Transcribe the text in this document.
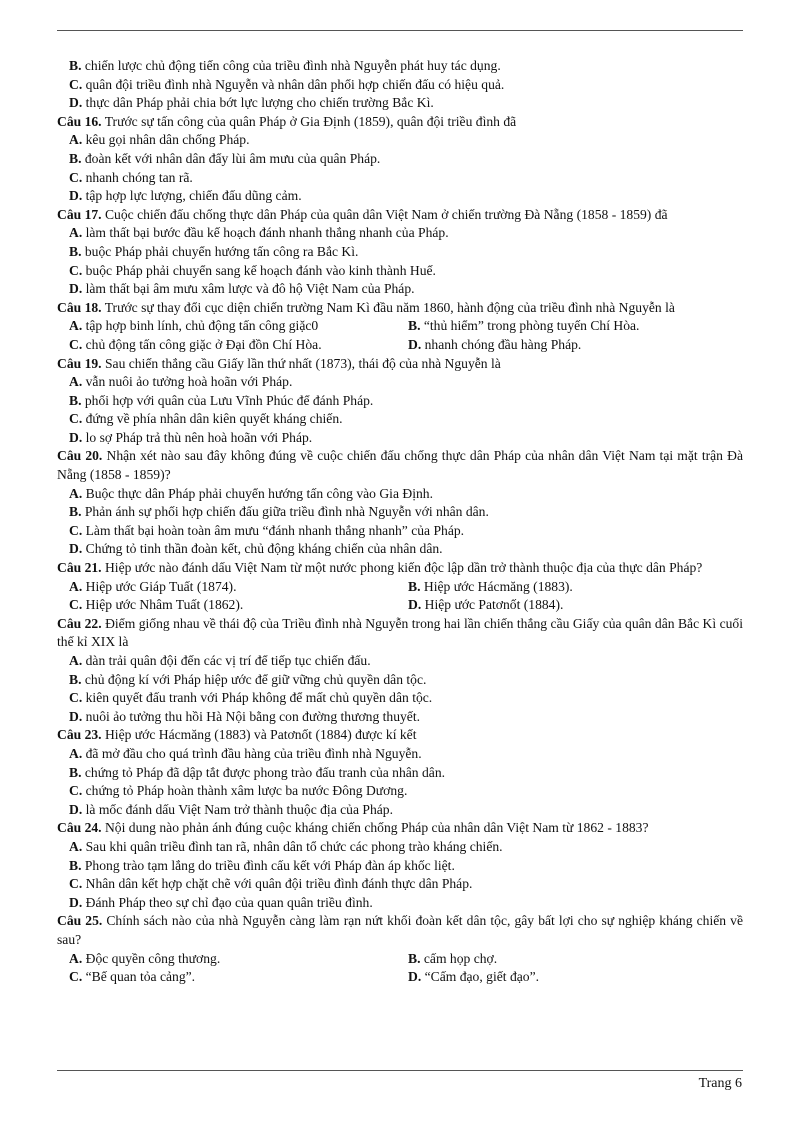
B. chiến lược chủ động tiến công của triều đình nhà Nguyễn phát huy tác dụng.
C. quân đội triều đình nhà Nguyễn và nhân dân phối hợp chiến đấu có hiệu quả.
D. thực dân Pháp phải chia bớt lực lượng cho chiến trường Bắc Kì.
Câu 16. Trước sự tấn công của quân Pháp ở Gia Định (1859), quân đội triều đình đã
A. kêu gọi nhân dân chống Pháp.
B. đoàn kết với nhân dân đẩy lùi âm mưu của quân Pháp.
C. nhanh chóng tan rã.
D. tập hợp lực lượng, chiến đấu dũng cảm.
Câu 17. Cuộc chiến đấu chống thực dân Pháp của quân dân Việt Nam ở chiến trường Đà Nẵng (1858 - 1859) đã
A. làm thất bại bước đầu kế hoạch đánh nhanh thắng nhanh của Pháp.
B. buộc Pháp phải chuyển hướng tấn công ra Bắc Kì.
C. buộc Pháp phải chuyển sang kế hoạch đánh vào kinh thành Huế.
D. làm thất bại âm mưu xâm lược và đô hộ Việt Nam của Pháp.
Câu 18. Trước sự thay đổi cục diện chiến trường Nam Kì đầu năm 1860, hành động của triều đình nhà Nguyễn là
A. tập hợp binh lính, chủ động tấn công giặc0	B. “thủ hiểm” trong phòng tuyến Chí Hòa.
C. chủ động tấn công giặc ở Đại đồn Chí Hòa.	D. nhanh chóng đầu hàng Pháp.
Câu 19. Sau chiến thắng cầu Giấy lần thứ nhất (1873), thái độ của nhà Nguyễn là
A. vẫn nuôi ảo tưởng hoà hoãn với Pháp.
B. phối hợp với quân của Lưu Vĩnh Phúc để đánh Pháp.
C. đứng về phía nhân dân kiên quyết kháng chiến.
D. lo sợ Pháp trả thù nên hoà hoãn với Pháp.
Câu 20. Nhận xét nào sau đây không đúng về cuộc chiến đấu chống thực dân Pháp của nhân dân Việt Nam tại mặt trận Đà Nẵng (1858 - 1859)?
A. Buộc thực dân Pháp phải chuyển hướng tấn công vào Gia Định.
B. Phản ánh sự phối hợp chiến đấu giữa triều đình nhà Nguyễn với nhân dân.
C. Làm thất bại hoàn toàn âm mưu “đánh nhanh thắng nhanh” của Pháp.
D. Chứng tỏ tinh thần đoàn kết, chủ động kháng chiến của nhân dân.
Câu 21. Hiệp ước nào đánh dấu Việt Nam từ một nước phong kiến độc lập dần trở thành thuộc địa của thực dân Pháp?
A. Hiệp ước Giáp Tuất (1874).	B. Hiệp ước Hácmăng (1883).
C. Hiệp ước Nhâm Tuất (1862).	D. Hiệp ước Patơnốt (1884).
Câu 22. Điểm giống nhau về thái độ của Triều đình nhà Nguyễn trong hai lần chiến thắng cầu Giấy của quân dân Bắc Kì cuối thế kỉ XIX là
A. dàn trải quân đội đến các vị trí để tiếp tục chiến đấu.
B. chủ động kí với Pháp hiệp ước để giữ vững chủ quyền dân tộc.
C. kiên quyết đấu tranh với Pháp không để mất chủ quyền dân tộc.
D. nuôi ảo tưởng thu hồi Hà Nội bằng con đường thương thuyết.
Câu 23. Hiệp ước Hácmăng (1883) và Patơnốt (1884) được kí kết
A. đã mở đầu cho quá trình đầu hàng của triều đình nhà Nguyễn.
B. chứng tỏ Pháp đã dập tắt được phong trào đấu tranh của nhân dân.
C. chứng tỏ Pháp hoàn thành xâm lược ba nước Đông Dương.
D. là mốc đánh dấu Việt Nam trở thành thuộc địa của Pháp.
Câu 24. Nội dung nào phản ánh đúng cuộc kháng chiến chống Pháp của nhân dân Việt Nam từ 1862 - 1883?
A. Sau khi quân triều đình tan rã, nhân dân tổ chức các phong trào kháng chiến.
B. Phong trào tạm lắng do triều đình cấu kết với Pháp đàn áp khốc liệt.
C. Nhân dân kết hợp chặt chẽ với quân đội triều đình đánh thực dân Pháp.
D. Đánh Pháp theo sự chỉ đạo của quan quân triều đình.
Câu 25. Chính sách nào của nhà Nguyễn càng làm rạn nứt khối đoàn kết dân tộc, gây bất lợi cho sự nghiệp kháng chiến về sau?
A. Độc quyền công thương.	B. cấm họp chợ.
C. “Bế quan tỏa cảng”.	D. “Cấm đạo, giết đạo”.
Trang 6
